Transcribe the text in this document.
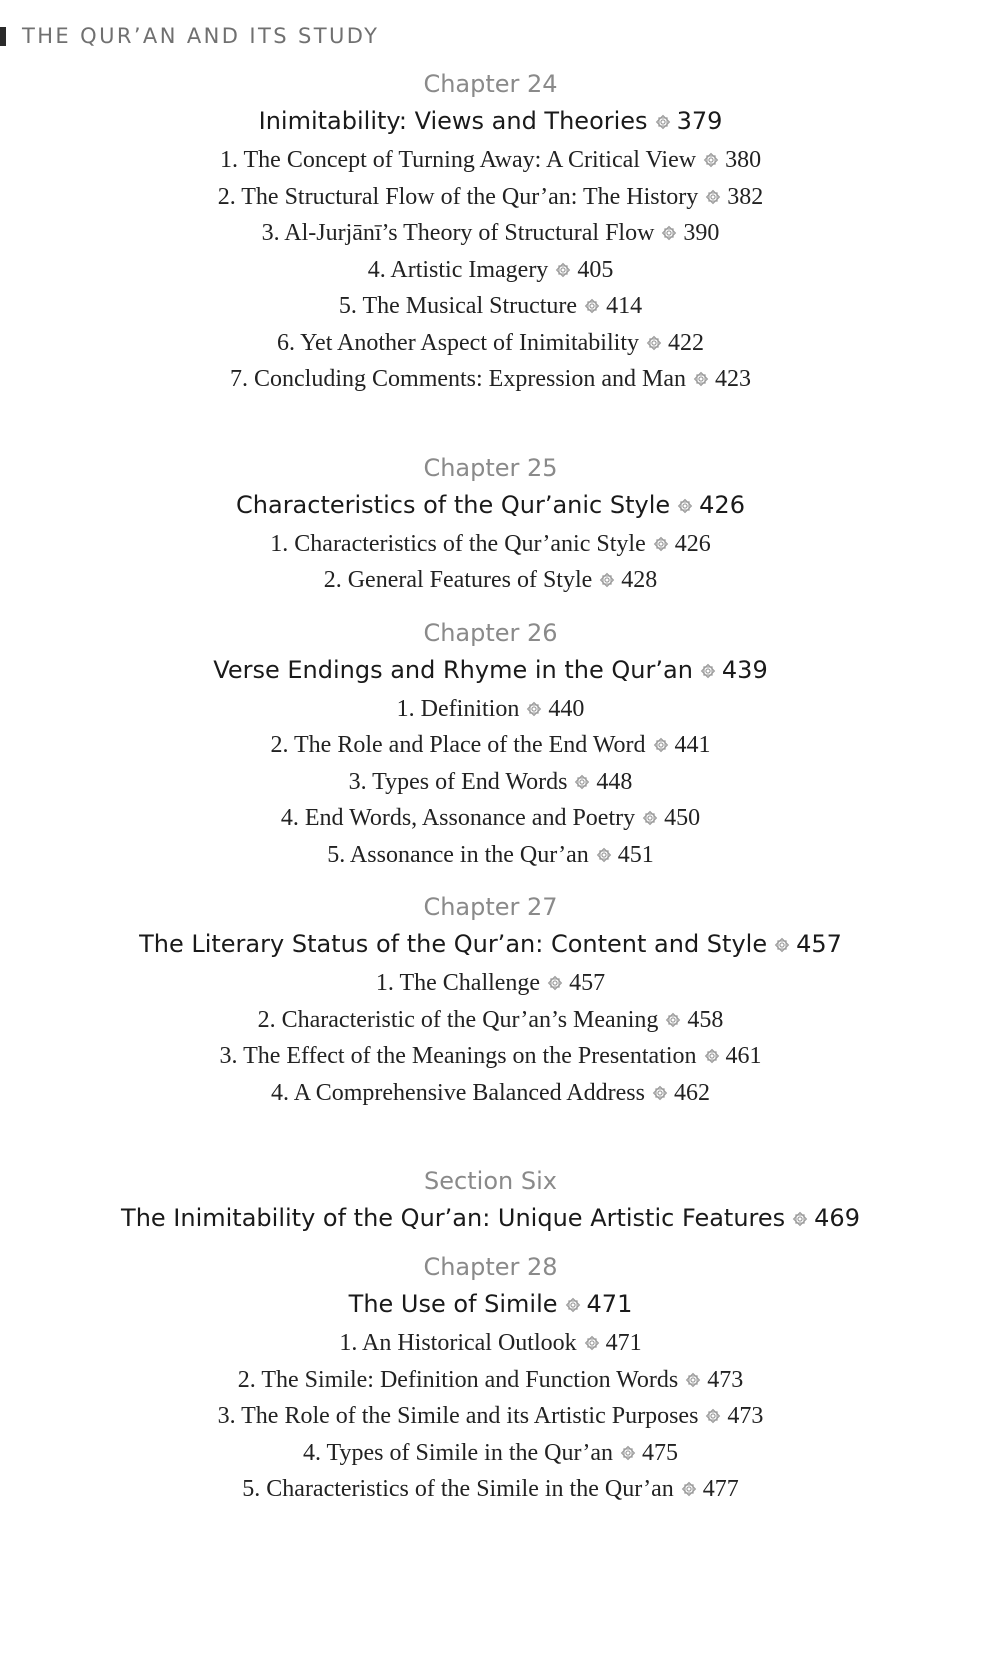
THE QUR’AN AND ITS STUDY
Chapter 24
Inimitability: Views and Theories 379
1. The Concept of Turning Away: A Critical View 380
2. The Structural Flow of the Qur’an: The History 382
3. Al-Jurjānī’s Theory of Structural Flow 390
4. Artistic Imagery 405
5. The Musical Structure 414
6. Yet Another Aspect of Inimitability 422
7. Concluding Comments: Expression and Man 423
Chapter 25
Characteristics of the Qur’anic Style 426
1. Characteristics of the Qur’anic Style 426
2. General Features of Style 428
Chapter 26
Verse Endings and Rhyme in the Qur’an 439
1. Definition 440
2. The Role and Place of the End Word 441
3. Types of End Words 448
4. End Words, Assonance and Poetry 450
5. Assonance in the Qur’an 451
Chapter 27
The Literary Status of the Qur’an: Content and Style 457
1. The Challenge 457
2. Characteristic of the Qur’an’s Meaning 458
3. The Effect of the Meanings on the Presentation 461
4. A Comprehensive Balanced Address 462
Section Six
The Inimitability of the Qur’an: Unique Artistic Features 469
Chapter 28
The Use of Simile 471
1. An Historical Outlook 471
2. The Simile: Definition and Function Words 473
3. The Role of the Simile and its Artistic Purposes 473
4. Types of Simile in the Qur’an 475
5. Characteristics of the Simile in the Qur’an 477
